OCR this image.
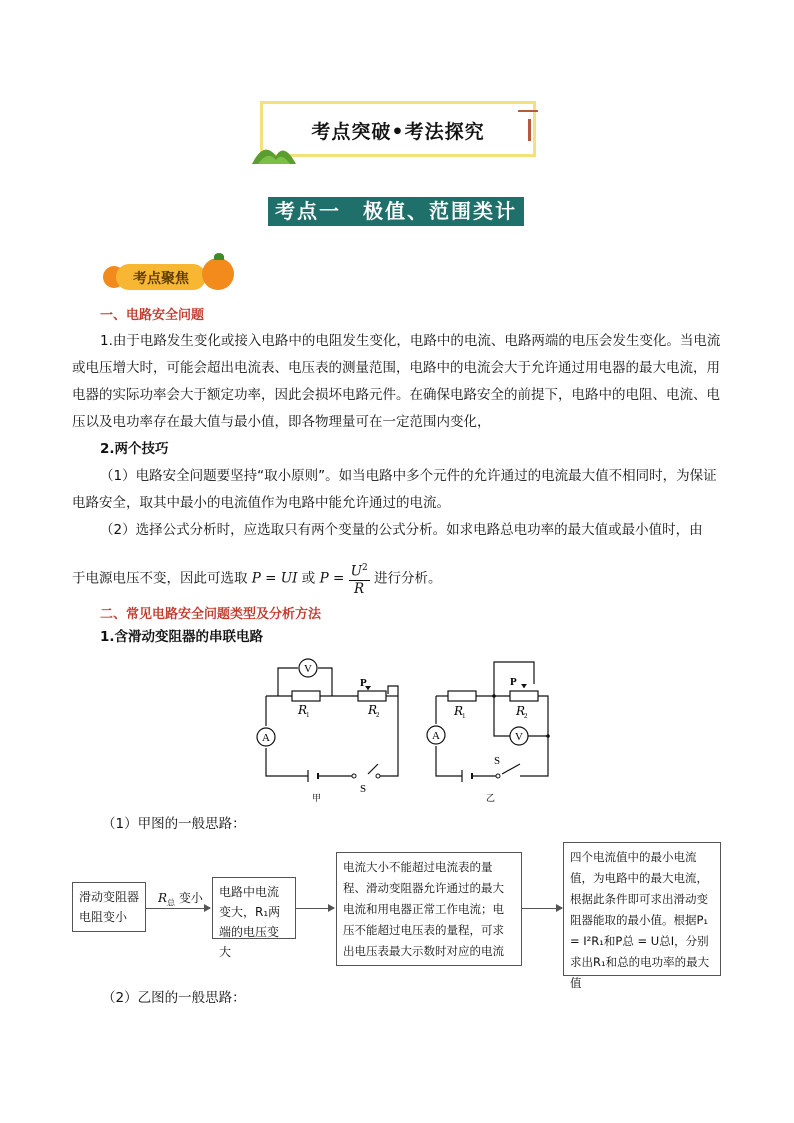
考点突破•考法探究
考点一　极值、范围类计算
考点聚焦
一、电路安全问题
1.由于电路发生变化或接入电路中的电阻发生变化，电路中的电流、电路两端的电压会发生变化。当电流或电压增大时，可能会超出电流表、电压表的测量范围，电路中的电流会大于允许通过用电器的最大电流，用电器的实际功率会大于额定功率，因此会损坏电路元件。在确保电路安全的前提下，电路中的电阻、电流、电压以及电功率存在最大值与最小值，即各物理量可在一定范围内变化，
2.两个技巧
（1）电路安全问题要坚持“取小原则”。如当电路中多个元件的允许通过的电流最大值不相同时，为保证电路安全，取其中最小的电流值作为电路中能允许通过的电流。
（2）选择公式分析时，应选取只有两个变量的公式分析。如求电路总电功率的最大值或最小值时，由
于电源电压不变，因此可选取 P = UI 或 $P = \frac{U^2}{R}$ 进行分析。
二、常见电路安全问题类型及分析方法
1.含滑动变阻器的串联电路
V
A
R
1	R
2
P
S
甲
V
A
R
1	R
2
P
S
乙
（1）甲图的一般思路：
滑动变阻器电阻变小
$R_总$ 变小	电路中电流变大，R₁两端的电压变大
电流大小不能超过电流表的量程、滑动变阻器允许通过的最大电流和用电器正常工作电流；电压不能超过电压表的量程，可求出电压表最大示数时对应的电流
四个电流值中的最小电流值，为电路中的最大电流，根据此条件即可求出滑动变阻器能取的最小值。根据P₁ = I²R₁和P总 = U总I，分别求出R₁和总的电功率的最大值
（2）乙图的一般思路：
